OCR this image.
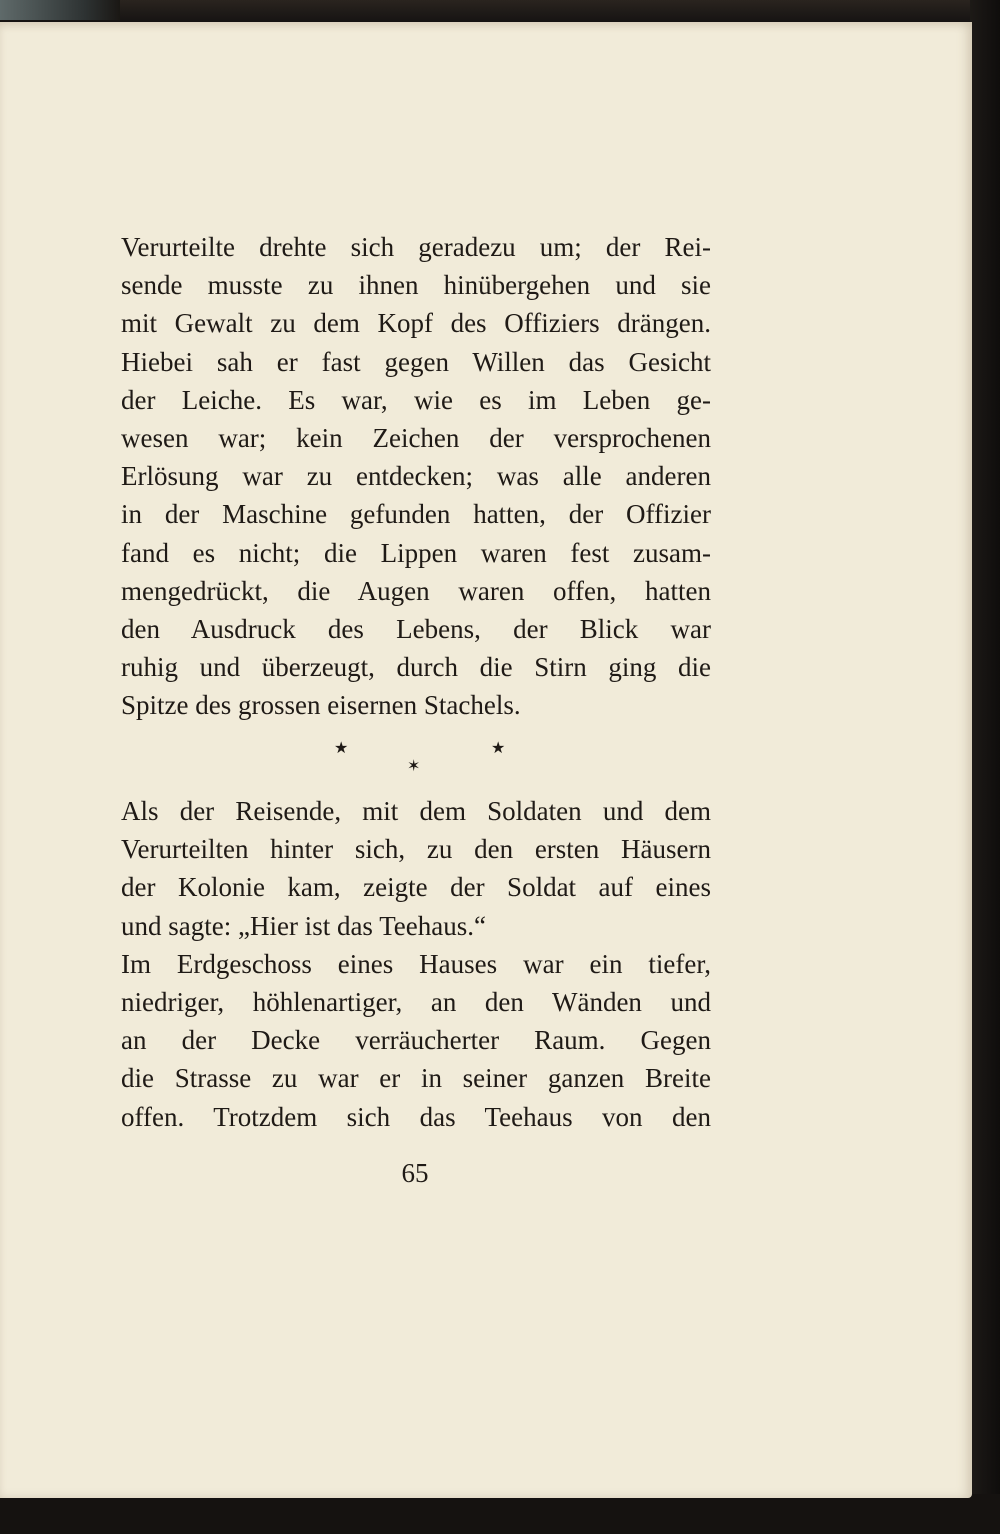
Verurteilte drehte sich geradezu um; der Rei-
sende musste zu ihnen hinübergehen und sie
mit Gewalt zu dem Kopf des Offiziers drängen.
Hiebei sah er fast gegen Willen das Gesicht
der Leiche. Es war, wie es im Leben ge-
wesen war; kein Zeichen der versprochenen
Erlösung war zu entdecken; was alle anderen
in der Maschine gefunden hatten, der Offizier
fand es nicht; die Lippen waren fest zusam-
mengedrückt, die Augen waren offen, hatten
den Ausdruck des Lebens, der Blick war
ruhig und überzeugt, durch die Stirn ging die
Spitze des grossen eisernen Stachels.
★
✶
★
Als der Reisende, mit dem Soldaten und dem
Verurteilten hinter sich, zu den ersten Häusern
der Kolonie kam, zeigte der Soldat auf eines
und sagte: „Hier ist das Teehaus.“
Im Erdgeschoss eines Hauses war ein tiefer,
niedriger, höhlenartiger, an den Wänden und
an der Decke verräucherter Raum. Gegen
die Strasse zu war er in seiner ganzen Breite
offen. Trotzdem sich das Teehaus von den
65
